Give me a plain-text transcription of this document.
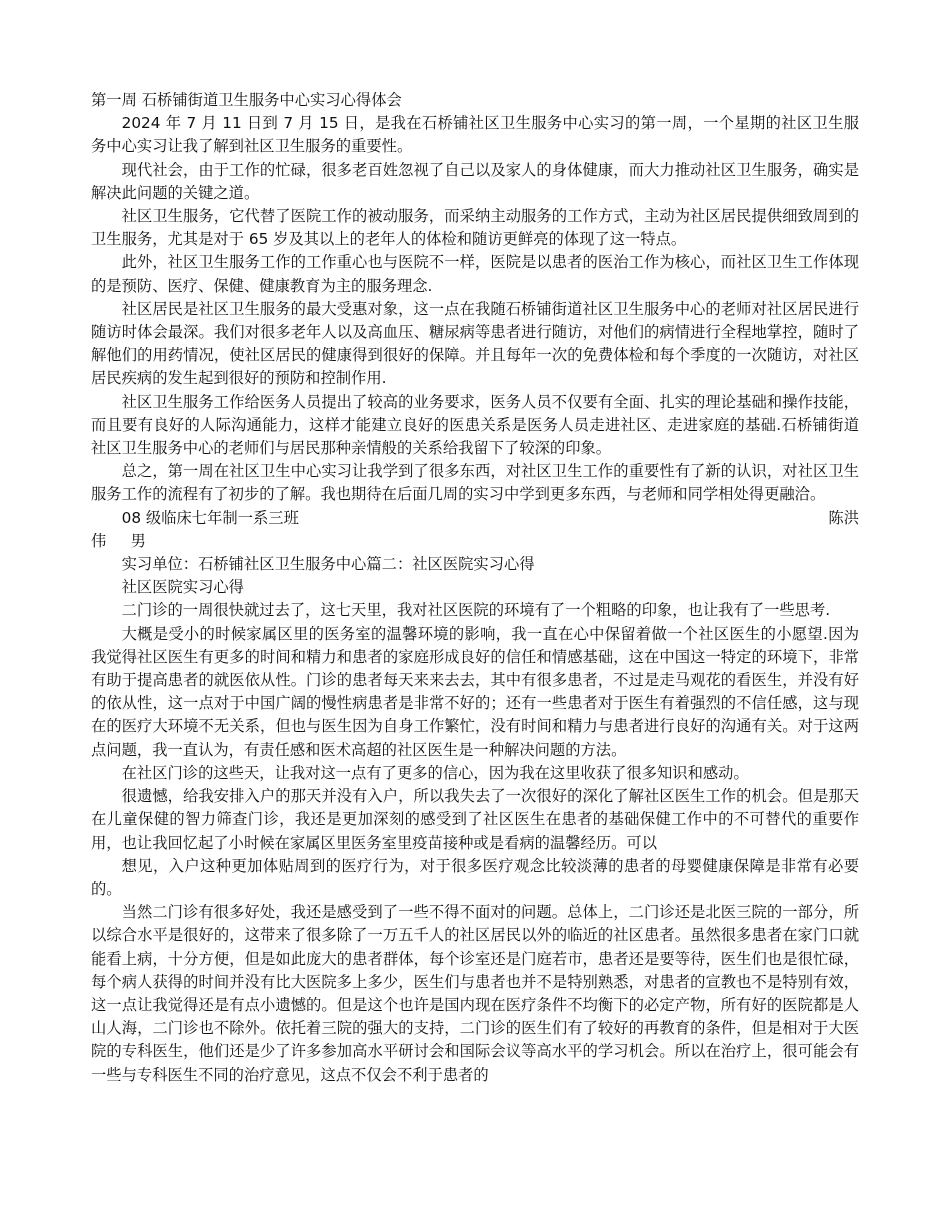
第一周 石桥铺街道卫生服务中心实习心得体会

2024 年 7 月 11 日到 7 月 15 日，是我在石桥铺社区卫生服务中心实习的第一周，一个星期的社区卫生服务中心实习让我了解到社区卫生服务的重要性。

现代社会，由于工作的忙碌，很多老百姓忽视了自己以及家人的身体健康，而大力推动社区卫生服务，确实是解决此问题的关键之道。

社区卫生服务，它代替了医院工作的被动服务，而采纳主动服务的工作方式，主动为社区居民提供细致周到的卫生服务，尤其是对于 65 岁及其以上的老年人的体检和随访更鲜亮的体现了这一特点。

此外，社区卫生服务工作的工作重心也与医院不一样，医院是以患者的医治工作为核心，而社区卫生工作体现的是预防、医疗、保健、健康教育为主的服务理念.

社区居民是社区卫生服务的最大受惠对象，这一点在我随石桥铺街道社区卫生服务中心的老师对社区居民进行随访时体会最深。我们对很多老年人以及高血压、糖尿病等患者进行随访，对他们的病情进行全程地掌控，随时了解他们的用药情况，使社区居民的健康得到很好的保障。并且每年一次的免费体检和每个季度的一次随访，对社区居民疾病的发生起到很好的预防和控制作用.

社区卫生服务工作给医务人员提出了较高的业务要求，医务人员不仅要有全面、扎实的理论基础和操作技能，而且要有良好的人际沟通能力，这样才能建立良好的医患关系是医务人员走进社区、走进家庭的基础.石桥铺街道社区卫生服务中心的老师们与居民那种亲情般的关系给我留下了较深的印象。

总之，第一周在社区卫生中心实习让我学到了很多东西，对社区卫生工作的重要性有了新的认识，对社区卫生服务工作的流程有了初步的了解。我也期待在后面几周的实习中学到更多东西，与老师和同学相处得更融洽。

08 级临床七年制一系三班	陈洪

伟 男

实习单位：石桥铺社区卫生服务中心篇二：社区医院实习心得

社区医院实习心得

二门诊的一周很快就过去了，这七天里，我对社区医院的环境有了一个粗略的印象，也让我有了一些思考.

大概是受小的时候家属区里的医务室的温馨环境的影响，我一直在心中保留着做一个社区医生的小愿望.因为我觉得社区医生有更多的时间和精力和患者的家庭形成良好的信任和情感基础，这在中国这一特定的环境下，非常有助于提高患者的就医依从性。门诊的患者每天来来去去，其中有很多患者，不过是走马观花的看医生，并没有好的依从性，这一点对于中国广阔的慢性病患者是非常不好的；还有一些患者对于医生有着强烈的不信任感，这与现在的医疗大环境不无关系，但也与医生因为自身工作繁忙，没有时间和精力与患者进行良好的沟通有关。对于这两点问题，我一直认为，有责任感和医术高超的社区医生是一种解决问题的方法。

在社区门诊的这些天，让我对这一点有了更多的信心，因为我在这里收获了很多知识和感动。

很遗憾，给我安排入户的那天并没有入户，所以我失去了一次很好的深化了解社区医生工作的机会。但是那天在儿童保健的智力筛查门诊，我还是更加深刻的感受到了社区医生在患者的基础保健工作中的不可替代的重要作用，也让我回忆起了小时候在家属区里医务室里疫苗接种或是看病的温馨经历。可以

想见，入户这种更加体贴周到的医疗行为，对于很多医疗观念比较淡薄的患者的母婴健康保障是非常有必要的。

当然二门诊有很多好处，我还是感受到了一些不得不面对的问题。总体上，二门诊还是北医三院的一部分，所以综合水平是很好的，这带来了很多除了一万五千人的社区居民以外的临近的社区患者。虽然很多患者在家门口就能看上病，十分方便，但是如此庞大的患者群体，每个诊室还是门庭若市，患者还是要等待，医生们也是很忙碌，每个病人获得的时间并没有比大医院多上多少，医生们与患者也并不是特别熟悉，对患者的宣教也不是特别有效，这一点让我觉得还是有点小遗憾的。但是这个也许是国内现在医疗条件不均衡下的必定产物，所有好的医院都是人山人海，二门诊也不除外。依托着三院的强大的支持，二门诊的医生们有了较好的再教育的条件，但是相对于大医院的专科医生，他们还是少了许多参加高水平研讨会和国际会议等高水平的学习机会。所以在治疗上，很可能会有一些与专科医生不同的治疗意见，这点不仅会不利于患者的
